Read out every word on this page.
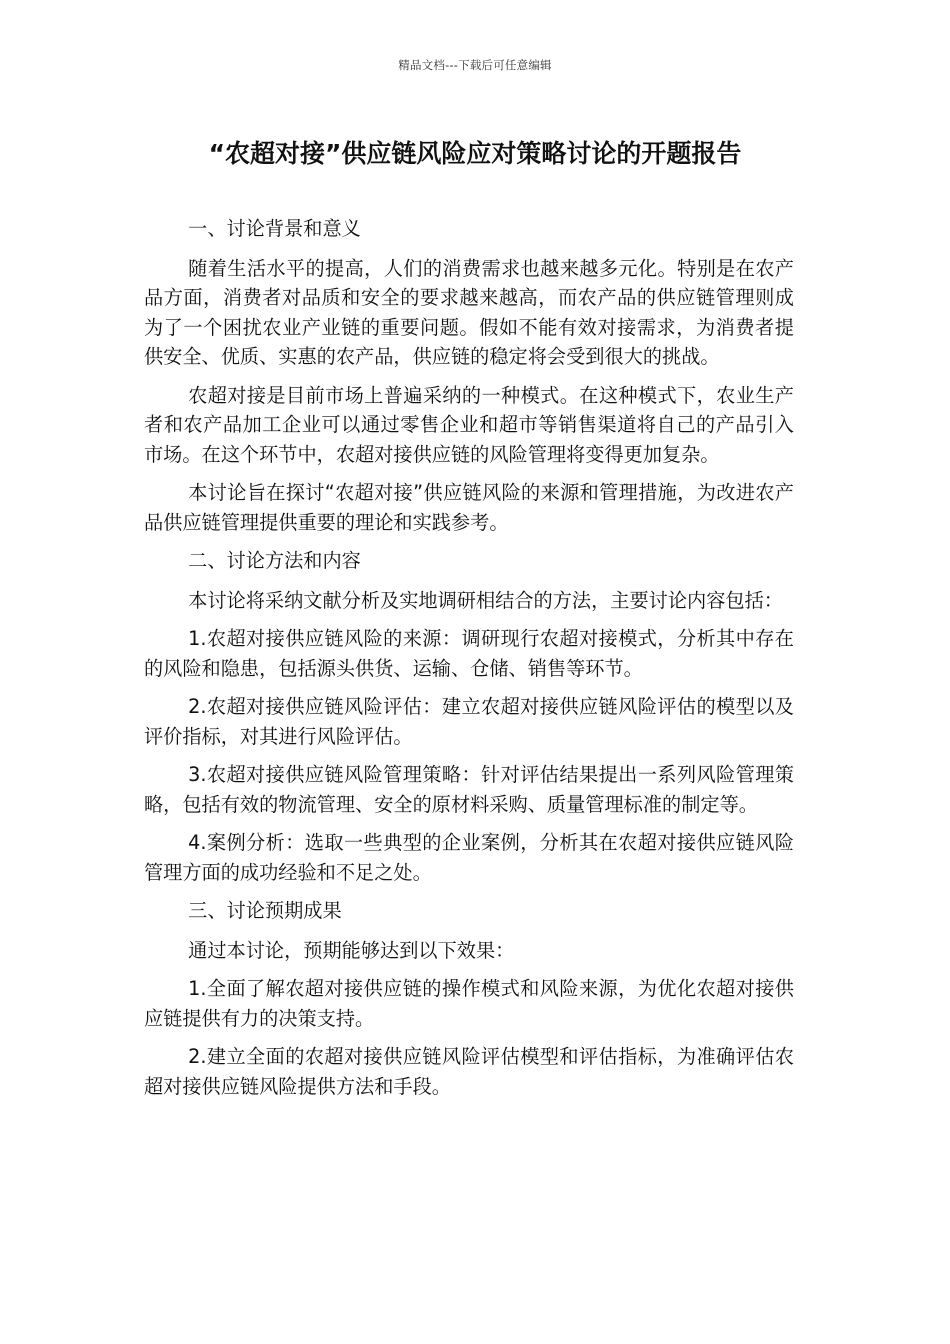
精品文档---下载后可任意编辑
“农超对接”供应链风险应对策略讨论的开题报告

一、讨论背景和意义

随着生活水平的提高，人们的消费需求也越来越多元化。特别是在农产品方面，消费者对品质和安全的要求越来越高，而农产品的供应链管理则成为了一个困扰农业产业链的重要问题。假如不能有效对接需求，为消费者提供安全、优质、实惠的农产品，供应链的稳定将会受到很大的挑战。

农超对接是目前市场上普遍采纳的一种模式。在这种模式下，农业生产者和农产品加工企业可以通过零售企业和超市等销售渠道将自己的产品引入市场。在这个环节中，农超对接供应链的风险管理将变得更加复杂。

本讨论旨在探讨“农超对接”供应链风险的来源和管理措施，为改进农产品供应链管理提供重要的理论和实践参考。

二、讨论方法和内容

本讨论将采纳文献分析及实地调研相结合的方法，主要讨论内容包括：

1.农超对接供应链风险的来源：调研现行农超对接模式，分析其中存在的风险和隐患，包括源头供货、运输、仓储、销售等环节。

2.农超对接供应链风险评估：建立农超对接供应链风险评估的模型以及评价指标，对其进行风险评估。

3.农超对接供应链风险管理策略：针对评估结果提出一系列风险管理策略，包括有效的物流管理、安全的原材料采购、质量管理标准的制定等。

4.案例分析：选取一些典型的企业案例，分析其在农超对接供应链风险管理方面的成功经验和不足之处。

三、讨论预期成果

通过本讨论，预期能够达到以下效果：

1.全面了解农超对接供应链的操作模式和风险来源，为优化农超对接供应链提供有力的决策支持。

2.建立全面的农超对接供应链风险评估模型和评估指标，为准确评估农超对接供应链风险提供方法和手段。
